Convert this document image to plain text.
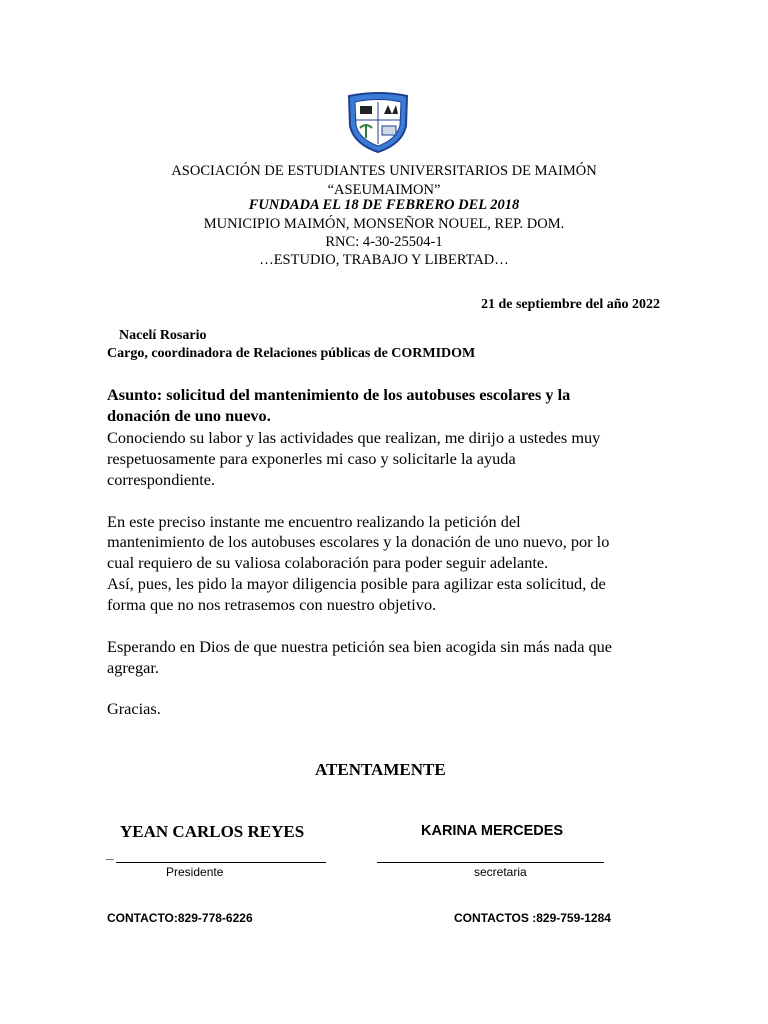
ASOCIACIÓN DE ESTUDIANTES UNIVERSITARIOS DE MAIMÓN
“ASEUMAIMON”
FUNDADA EL 18 DE FEBRERO DEL 2018
MUNICIPIO MAIMÓN, MONSEÑOR NOUEL, REP. DOM.
RNC: 4-30-25504-1
…ESTUDIO, TRABAJO Y LIBERTAD…
21 de septiembre del año 2022
Nacelí Rosario
Cargo, coordinadora de Relaciones públicas de CORMIDOM
Asunto: solicitud del mantenimiento de los autobuses escolares y la
donación de uno nuevo.
Conociendo su labor y las actividades que realizan, me dirijo a ustedes muy
respetuosamente para exponerles mi caso y solicitarle la ayuda
correspondiente.
En este preciso instante me encuentro realizando la petición del
mantenimiento de los autobuses escolares y la donación de uno nuevo, por lo
cual requiero de su valiosa colaboración para poder seguir adelante.
Así, pues, les pido la mayor diligencia posible para agilizar esta solicitud, de
forma que no nos retrasemos con nuestro objetivo.
Esperando en Dios de que nuestra petición sea bien acogida sin más nada que
agregar.
Gracias.
ATENTAMENTE
YEAN CARLOS REYES
_
Presidente
CONTACTO:829-778-6226
KARINA MERCEDES
secretaria
CONTACTOS :829-759-1284
